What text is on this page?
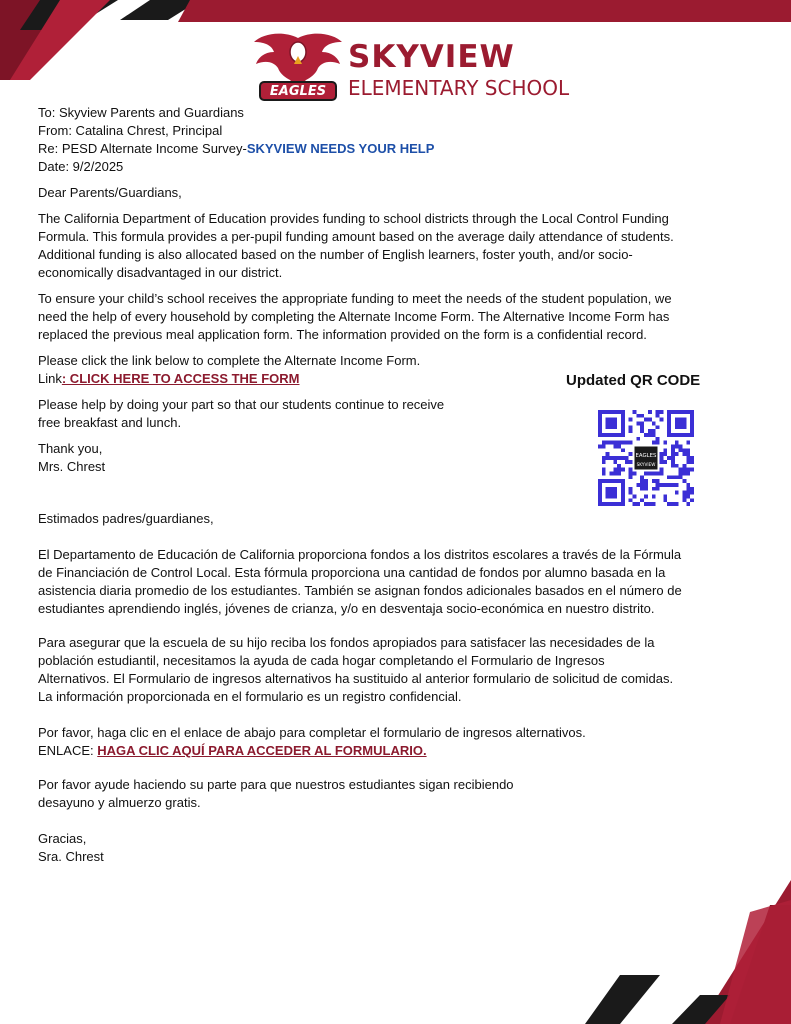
EAGLES
SKYVIEW
ELEMENTARY SCHOOL

To: Skyview Parents and Guardians

From: Catalina Chrest, Principal

Re: PESD Alternate Income Survey-SKYVIEW NEEDS YOUR HELP

Date: 9/2/2025

Dear Parents/Guardians,

The California Department of Education provides funding to school districts through the Local Control Funding
Formula. This formula provides a per-pupil funding amount based on the average daily attendance of students.
Additional funding is also allocated based on the number of English learners, foster youth, and/or socio-
economically disadvantaged in our district.
To ensure your child’s school receives the appropriate funding to meet the needs of the student population, we
need the help of every household by completing the Alternate Income Form. The Alternative Income Form has
replaced the previous meal application form. The information provided on the form is a confidential record.

Please click the link below to complete the Alternate Income Form.

Link: CLICK HERE TO ACCESS THE FORM

Please help by doing your part so that our students continue to receive
free breakfast and lunch.

Thank you,

Mrs. Chrest

Updated QR CODE
EAGLES
SKYVIEW

Estimados padres/guardianes,

El Departamento de Educación de California proporciona fondos a los distritos escolares a través de la Fórmula
de Financiación de Control Local. Esta fórmula proporciona una cantidad de fondos por alumno basada en la
asistencia diaria promedio de los estudiantes. También se asignan fondos adicionales basados en el número de
estudiantes aprendiendo inglés, jóvenes de crianza, y/o en desventaja socio-económica en nuestro distrito.
Para asegurar que la escuela de su hijo reciba los fondos apropiados para satisfacer las necesidades de la
población estudiantil, necesitamos la ayuda de cada hogar completando el Formulario de Ingresos
Alternativos. El Formulario de ingresos alternativos ha sustituido al anterior formulario de solicitud de comidas.
La información proporcionada en el formulario es un registro confidencial.

Por favor, haga clic en el enlace de abajo para completar el formulario de ingresos alternativos.

ENLACE: HAGA CLIC AQUÍ PARA ACCEDER AL FORMULARIO.

Por favor ayude haciendo su parte para que nuestros estudiantes sigan recibiendo
desayuno y almuerzo gratis.

Gracias,

Sra. Chrest
